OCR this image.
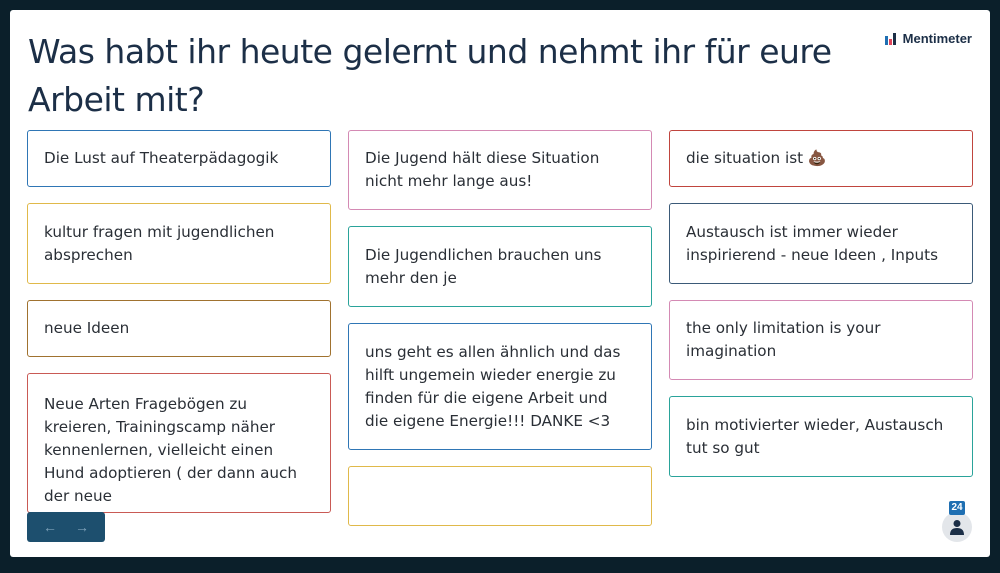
Was habt ihr heute gelernt und nehmt ihr für eure Arbeit mit?
Mentimeter
Die Lust auf Theaterpädagogik
kultur fragen mit jugendlichen absprechen
neue Ideen
Neue Arten Fragebögen zu kreieren, Trainingscamp näher kennenlernen, vielleicht einen Hund adoptieren ( der dann auch der neue
Die Jugend hält diese Situation nicht mehr lange aus!
Die Jugendlichen brauchen uns mehr den je
uns geht es allen ähnlich und das hilft ungemein wieder energie zu finden für die eigene Arbeit und die eigene Energie!!! DANKE <3
die situation ist 💩
Austausch ist immer wieder inspirierend - neue Ideen , Inputs
the only limitation is your imagination
bin motivierter wieder, Austausch tut so gut
← →
24
